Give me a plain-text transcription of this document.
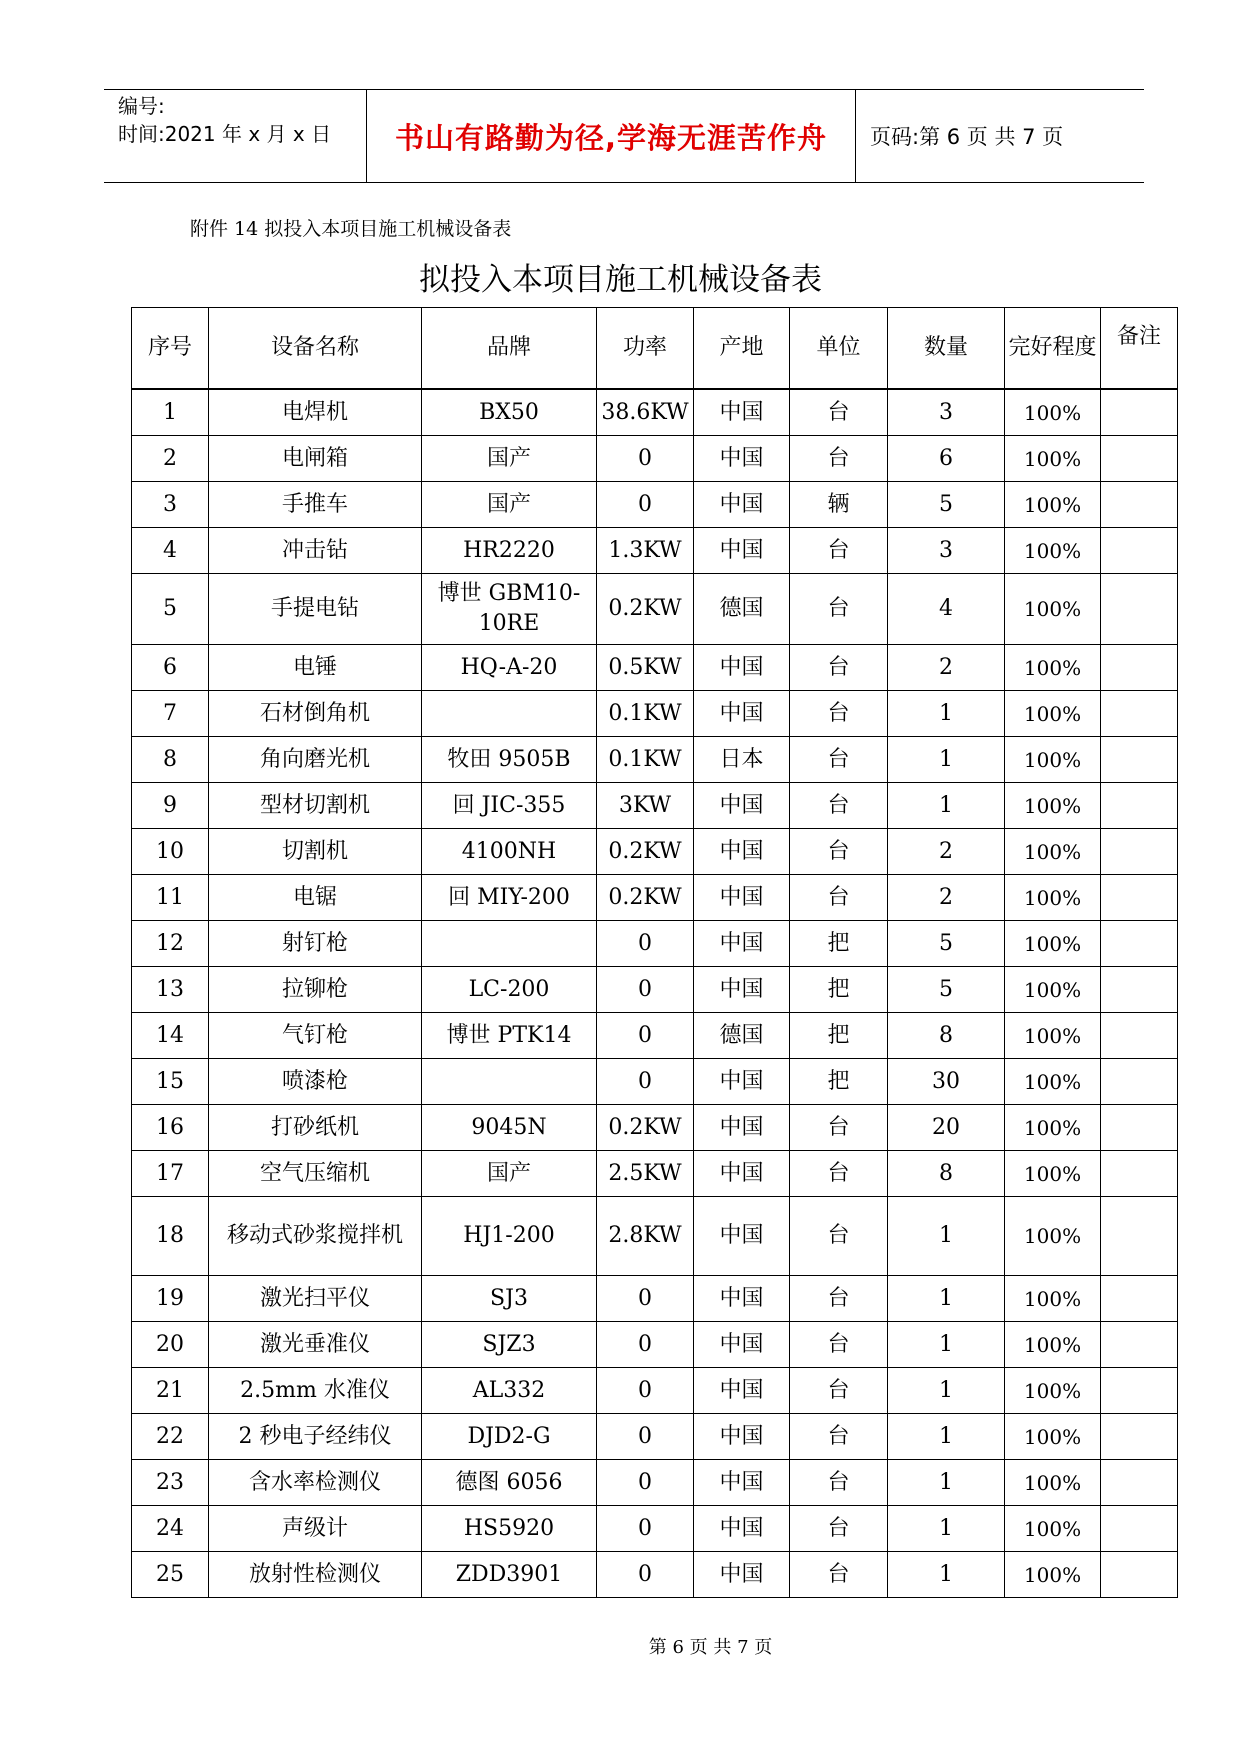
编号:
时间:2021 年 x 月 x 日	书山有路勤为径,学海无涯苦作舟	页码:第 6 页 共 7 页
附件 14 拟投入本项目施工机械设备表
拟投入本项目施工机械设备表
序号	设备名称	品牌	功率	产地	单位	数量	完好程度	备注
1	电焊机	BX50	38.6KW	中国	台	3	100%	
2	电闸箱	国产	0	中国	台	6	100%	
3	手推车	国产	0	中国	辆	5	100%	
4	冲击钻	HR2220	1.3KW	中国	台	3	100%	
5	手提电钻	博世 GBM10-10RE	0.2KW	德国	台	4	100%	
6	电锤	HQ-A-20	0.5KW	中国	台	2	100%	
7	石材倒角机		0.1KW	中国	台	1	100%	
8	角向磨光机	牧田 9505B	0.1KW	日本	台	1	100%	
9	型材切割机	回 JIC-355	3KW	中国	台	1	100%	
10	切割机	4100NH	0.2KW	中国	台	2	100%	
11	电锯	回 MIY-200	0.2KW	中国	台	2	100%	
12	射钉枪		0	中国	把	5	100%	
13	拉铆枪	LC-200	0	中国	把	5	100%	
14	气钉枪	博世 PTK14	0	德国	把	8	100%	
15	喷漆枪		0	中国	把	30	100%	
16	打砂纸机	9045N	0.2KW	中国	台	20	100%	
17	空气压缩机	国产	2.5KW	中国	台	8	100%	
18	移动式砂浆搅拌机	HJ1-200	2.8KW	中国	台	1	100%	
19	激光扫平仪	SJ3	0	中国	台	1	100%	
20	激光垂准仪	SJZ3	0	中国	台	1	100%	
21	2.5mm 水准仪	AL332	0	中国	台	1	100%	
22	2 秒电子经纬仪	DJD2-G	0	中国	台	1	100%	
23	含水率检测仪	德图 6056	0	中国	台	1	100%	
24	声级计	HS5920	0	中国	台	1	100%	
25	放射性检测仪	ZDD3901	0	中国	台	1	100%	
第 6 页 共 7 页
